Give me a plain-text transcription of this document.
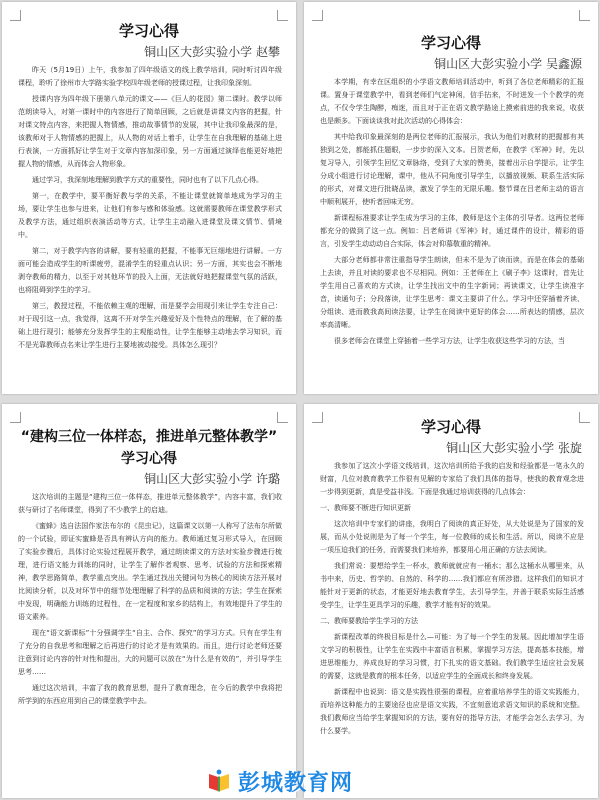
学习心得
铜山区大彭实验小学 赵攀

昨天（5月19日）上午，我参加了四年级语文的线上教学培训，同时听讨四年级课程，聆听了徐州市大学路实验学校四年级老师的授课过程，让我印象深刻。

授课内容为四年级下册第八单元的课文——《巨人的花园》第二课时。教学以师范朗读导入，对第一课时中的内容进行了简单回顾，之后就是讲课文内容的把握，针对课文特点内容，来把握人物情感，推动故事情节的发展，其中让我印象最深的是，该教师对于人物情感的把握上，从人物的对话上着手，让学生在自我理解的基础上进行表演，一方面抓好让学生对于文章内容加深印象，另一方面通过演绎也能更好地把握人物的情感，从而体会人物形象。

通过学习，我深刻地理解到教学方式的重要性，同时也有了以下几点心得。

第一，在教学中，要平衡好教与学的关系，不能让课堂就简单地成为学习的主场，要让学生也参与进来，让他们有参与感和体验感。这就需要教师在课堂教学形式及教学方法，通过组织表演活动等方式，让学生主动融入进课堂及课文情节、情境中。

第二，对于教学内容的讲解，要有轻重的把握，不能事无巨细地进行讲解。一方面可能会造成学生的听课疲劳，混淆学生的轻重点认识；另一方面，其实也会不断地剥夺教师的精力，以至于对其他环节的投入上面，无法就好地把握课堂气氛的活跃，也将阻碍到学生的学习。

第三，教授过程，不能依赖主观的理解，而是要学会用现引来让学生专注自己：对于现引这一点，我觉得，这离不开对学生兴趣爱好及个性特点的理解，在了解的基础上进行现引；能够充分发挥学生的主观能动性，让学生能够主动地去学习知识，而不是光靠教师点名来让学生进行主要地被动接受。具体怎么现引？

学习心得
铜山区大彭实验小学 吴鑫源

本学期，有幸在区组织的小学语文教师培训活动中，听到了各位老师精彩的汇报课。置身于课堂教学中，看到老师们气定神闲，信手拈来，不时迸发一个个教学的亮点，不仅令学生陶醉，痴迷，而且对于正在语文教学路途上摸索前进的我来说，收获也是颇多。下面谈谈我对此次活动的心得体会：

其中给我印象最深刻的是两位老师的汇报展示，我认为他们对教材的把握都有其独到之处，都能抓住题眼，一步步的深入文本。吕贺老师，在教学《军神》时，先以复习导入，引领学生回忆文章脉络，受到了大家的赞美，接着出示自学提示，让学生分成小组进行讨论理解，课中，他从不同角度引导学生，以播放视频、联系生活实际的形式，对课文进行批晓品读，激发了学生的无限乐趣。整节课在吕老师主动的语言中顺利展开，使听者回味无穷。

新课程标准要求让学生成为学习的主体，教师是这个主体的引导者。这两位老师都充分的做到了这一点。例如：吕老师讲《军神》时，通过课件的设计，精彩的语言，引发学生动动动自合实际，体会对仰慕敬重的精神。

大部分老师都非常注重指导学生朗读，但未不是为了读而读，而是在体会的基础上去读，并且对读的要求也不尽相同。例如：王老师在上《刷子李》这课时，首先让学生用自己喜欢的方式读，让学生找出文中的生字新词；再读课文，让学生读准字音，读通句子；分段落读，让学生思考：课文主要讲了什么。学习中还穿插着齐读、分组读、进而教我高间读法要，让学生在阅读中更好的体会……所表达的情感，层次率高清晰。

很多老师会在课堂上穿插着一些学习方法，让学生收获这些学习的方法，当

“建构三位一体样态，推进单元整体教学”
学习心得
铜山区大彭实验小学 许璐

这次培训的主题是“建构三位一体样态，推进单元整体教学”，内容丰富，我们收获与研讨了名师课堂，得到了不少教学上的启迪。

《蜜蜂》选自法国作家法布尔的《昆虫记》，这篇课文以第一人称写了法布尔所做的一个试验，即证实蜜蜂是否具有辨认方向的能力。教师通过复习形式导入，在回顾了实验步骤后，具体讨论实验过程展开教学，通过朗读课文的方法对实验步骤进行梳理，进行语文能力训练的同时，让学生了解作者观察、思考、试验的方法和探索精神，教学思路简单，教学重点突出。学生通过找出关键词句为核心的阅读方法开展对比阅读分析，以及对环节中的细节处理理解了科学的品质和阅读的方法；学生在探索中发现，明确能力训练的过程性，在一定程度和家乡的结构上，有效地提升了学生的语文素养。

现在“语文新课标”十分强调学生“自主、合作、探究”的学习方式。只有在学生有了充分的自我思考和理解之后再进行的讨论才是有效果的。而且，进行讨论老师还要注意到讨论内容的针对性和提出，大的问题可以放在“为什么是有效的”，并引导学生思考……

通过这次培训，丰富了我的教育思想，提升了教育理念，在今后的教学中我将把所学到的东西应用到自己的课堂教学中去。

学习心得
铜山区大彭实验小学 张旋

我参加了这次小学语文线培训，这次培训所给予我的启发和经验都是一笔永久的财富，几位对教育教学工作很有见解的专家给了我们具体的指导，使我的教育观念进一步得到更新，真是受益非浅。下面是我通过培训获得的几点体会：

一、教师要不断进行知识更新

这次培训中专家们的讲座，我明白了阅读的真正好处，从大处说是为了国家的发展，而从小处说则是为了每一个学生，每一位教师的成长和生活。所以，阅读不应是一项压迫我们的任务，而需要我们来培养，都要用心用正确的方法去阅读。

我们常说：要想给学生一杯水，教师就就应有一桶水；那么这桶水从哪里来，从书中来，历史、哲学的、自然的、科学的……我们都应有所涉猎。这样我们的知识才能针对于更新的状态，才能更好地去教育学生，去引导学生，并善于联系实际生活感受学生，让学生更具学习的乐趣，教学才能有好的效果。

二、教师要教给学生学习的方法

新课程改革的终极目标是什么—可能：为了每一个学生的发展。因此增加学生语文学习的积极性，让学生在实践中丰富语言积累，掌握学习方法，提高基本技能，增进思维能力，养成良好的学习习惯，打下扎实的语文基础。我们教学生适应社会发展的需要，这就是教育的根本任务，以适应学生的全面成长和终身发展。

新课程中也说到：语文是实践性很强的课程，应着重培养学生的语文实践能力，而培养这种能力的主要途径也应是语文实践，不宜刻意追求语文知识的系统和完整。我们教师应当给学生掌握知识的方法，要有好的指导方法，才能学会怎么去学习，为什么要学。

彭城教育网
